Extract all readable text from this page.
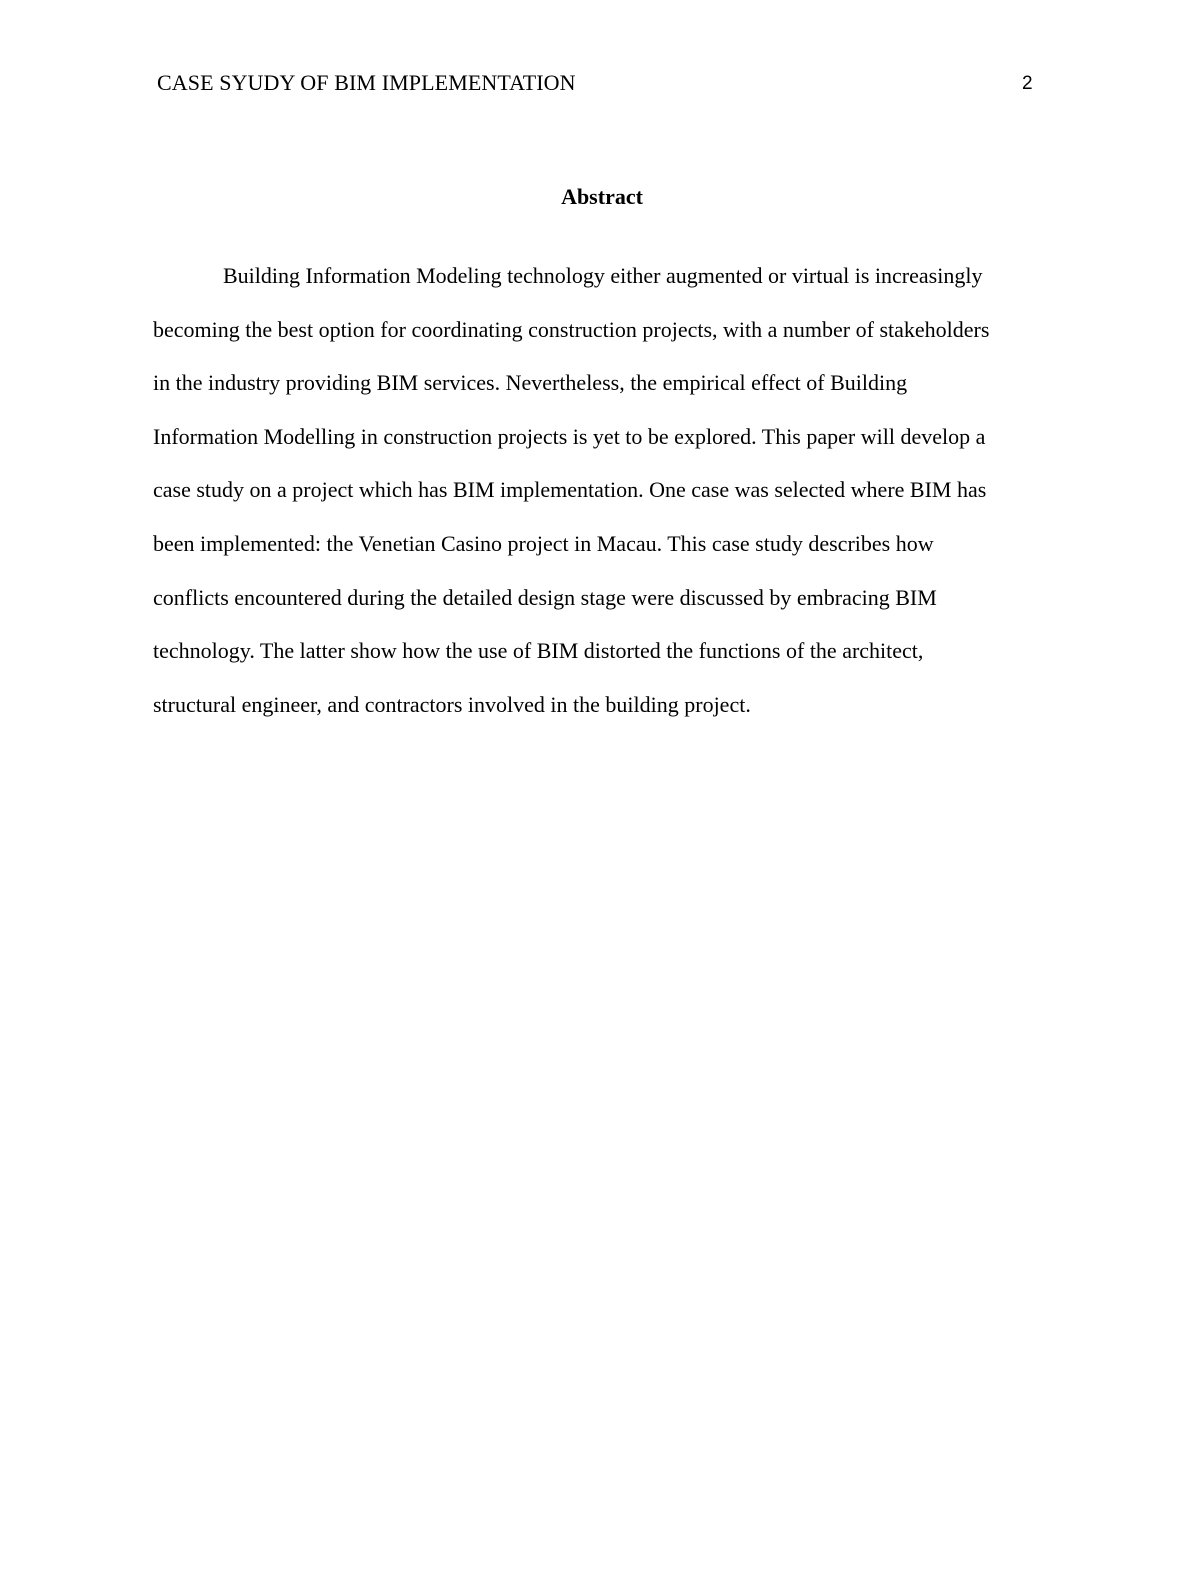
CASE SYUDY OF BIM IMPLEMENTATION	2
Abstract
Building Information Modeling technology either augmented or virtual is increasingly
becoming the best option for coordinating construction projects, with a number of stakeholders
in the industry providing BIM services. Nevertheless, the empirical effect of Building
Information Modelling in construction projects is yet to be explored. This paper will develop a
case study on a project which has BIM implementation. One case was selected where BIM has
been implemented: the Venetian Casino project in Macau. This case study describes how
conflicts encountered during the detailed design stage were discussed by embracing BIM
technology. The latter show how the use of BIM distorted the functions of the architect,
structural engineer, and contractors involved in the building project.
